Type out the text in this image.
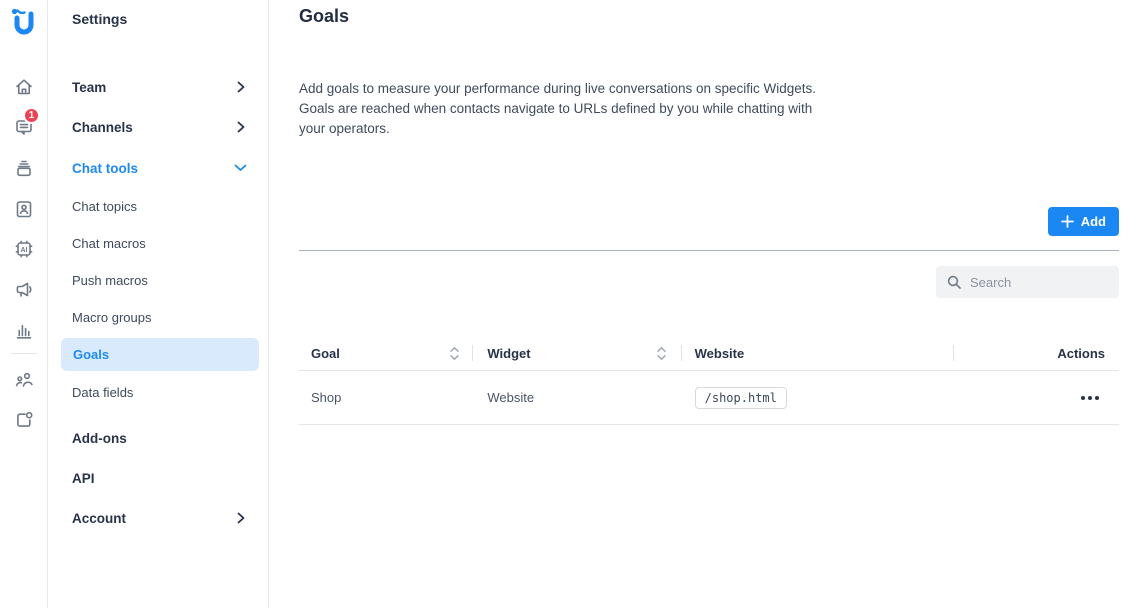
1
AI
Settings
Team
Channels
Chat tools
Chat topics
Chat macros
Push macros
Macro groups
Goals
Data fields
Add-ons
API
Account
Goals

Add goals to measure your performance during live conversations on specific Widgets. Goals are reached when contacts navigate to URLs defined by you while chatting with your operators.

Add
Search
Goal	Widget	Website	Actions
Shop	Website	/shop.html
